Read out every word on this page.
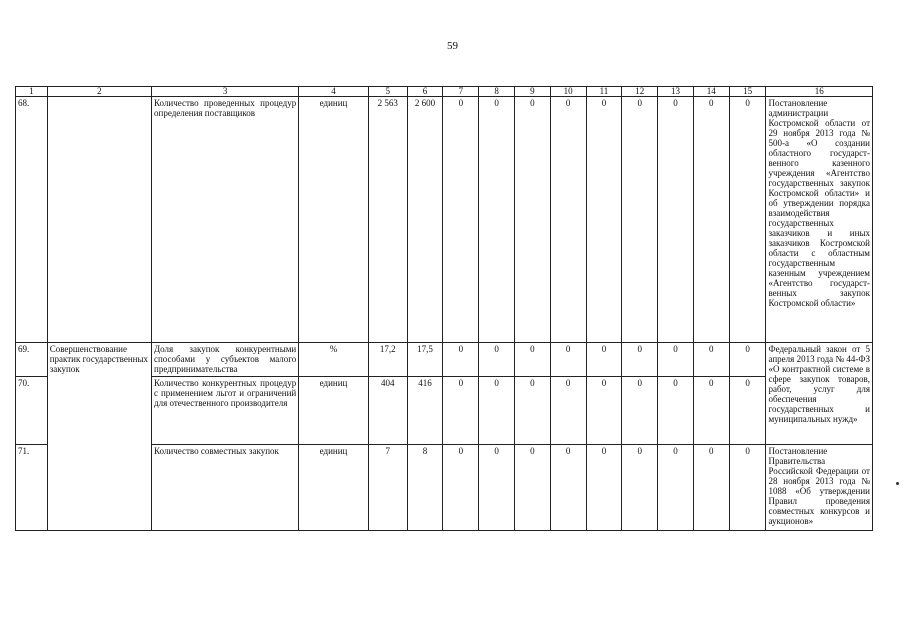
59
1	2	3	4	5	6	7	8	9	10	11	12	13	14	15	16
68.		Количество проведенных процедур определения поставщиков	единиц	2 563	2 600	0	0	0	0	0	0	0	0	0	Постановление администрации Костромской области от 29 ноября 2013 года № 500-а «О создании областного государст-венного казенного учреждения «Агентство государственных закупок Костромской области» и об утверждении порядка взаимодействия государственных заказчиков и иных заказчиков Костромской области с областным государственным казенным учреждением «Агентство государст-венных закупок Костромской области»
69.	Совершенствование практик государственных закупок	Доля закупок конкурентными способами у субъектов малого предпринимательства	%	17,2	17,5	0	0	0	0	0	0	0	0	0	Федеральный закон от 5 апреля 2013 года № 44-ФЗ «О контрактной системе в сфере закупок товаров, работ, услуг для обеспечения государственных и муниципальных нужд»
70.		Количество конкурентных процедур с применением льгот и ограничений для отечественного производителя	единиц	404	416	0	0	0	0	0	0	0	0	0	
71.		Количество совместных закупок	единиц	7	8	0	0	0	0	0	0	0	0	0	Постановление Правительства Российской Федерации от 28 ноября 2013 года № 1088 «Об утверждении Правил проведения совместных конкурсов и аукционов»
